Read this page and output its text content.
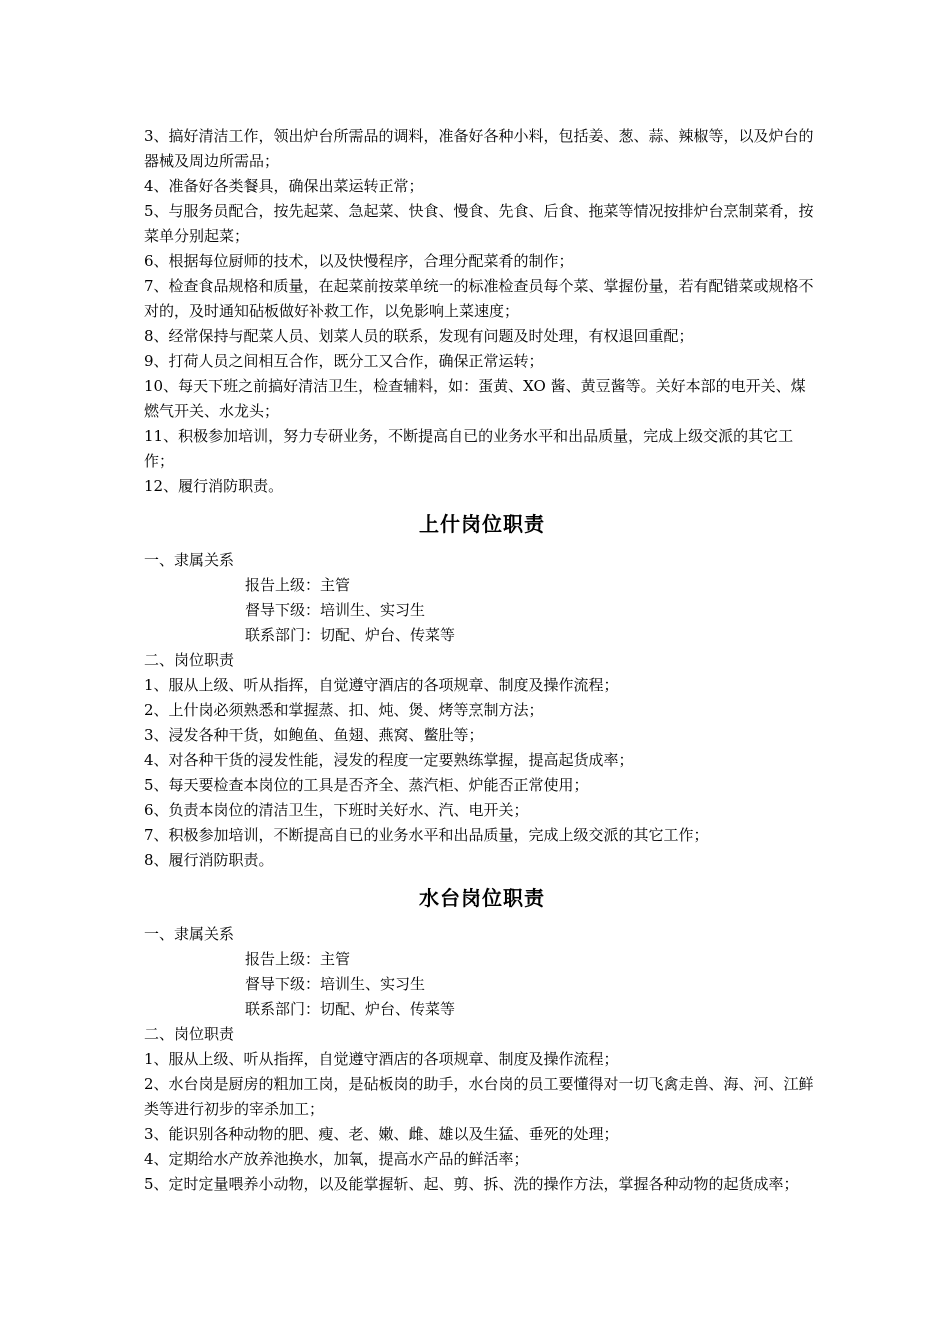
3、搞好清洁工作，领出炉台所需品的调料，准备好各种小料，包括姜、葱、蒜、辣椒等，以及炉台的器械及周边所需品；

4、准备好各类餐具，确保出菜运转正常；

5、与服务员配合，按先起菜、急起菜、快食、慢食、先食、后食、拖菜等情况按排炉台烹制菜肴，按菜单分别起菜；

6、根据每位厨师的技术，以及快慢程序，合理分配菜肴的制作；

7、检查食品规格和质量，在起菜前按菜单统一的标准检查员每个菜、掌握份量，若有配错菜或规格不对的，及时通知砧板做好补救工作，以免影响上菜速度；

8、经常保持与配菜人员、划菜人员的联系，发现有问题及时处理，有权退回重配；

9、打荷人员之间相互合作，既分工又合作，确保正常运转；

10、每天下班之前搞好清洁卫生，检查辅料，如：蛋黄、XO 酱、黄豆酱等。关好本部的电开关、煤燃气开关、水龙头；

11、积极参加培训，努力专研业务，不断提高自已的业务水平和出品质量，完成上级交派的其它工作；

12、履行消防职责。

上什岗位职责

一、隶属关系

报告上级：主管

督导下级：培训生、实习生

联系部门：切配、炉台、传菜等

二、岗位职责

1、服从上级、听从指挥，自觉遵守酒店的各项规章、制度及操作流程；

2、上什岗必须熟悉和掌握蒸、扣、炖、煲、烤等烹制方法；

3、浸发各种干货，如鲍鱼、鱼翅、燕窝、鳖肚等；

4、对各种干货的浸发性能，浸发的程度一定要熟练掌握，提高起货成率；

5、每天要检查本岗位的工具是否齐全、蒸汽柜、炉能否正常使用；

6、负责本岗位的清洁卫生，下班时关好水、汽、电开关；

7、积极参加培训，不断提高自已的业务水平和出品质量，完成上级交派的其它工作；

8、履行消防职责。

水台岗位职责

一、隶属关系

报告上级：主管

督导下级：培训生、实习生

联系部门：切配、炉台、传菜等

二、岗位职责

1、服从上级、听从指挥，自觉遵守酒店的各项规章、制度及操作流程；

2、水台岗是厨房的粗加工岗，是砧板岗的助手，水台岗的员工要懂得对一切飞禽走兽、海、河、江鲜类等进行初步的宰杀加工；

3、能识别各种动物的肥、瘦、老、嫩、雌、雄以及生猛、垂死的处理；

4、定期给水产放养池换水，加氧，提高水产品的鲜活率；

5、定时定量喂养小动物，以及能掌握斩、起、剪、拆、洗的操作方法，掌握各种动物的起货成率；
